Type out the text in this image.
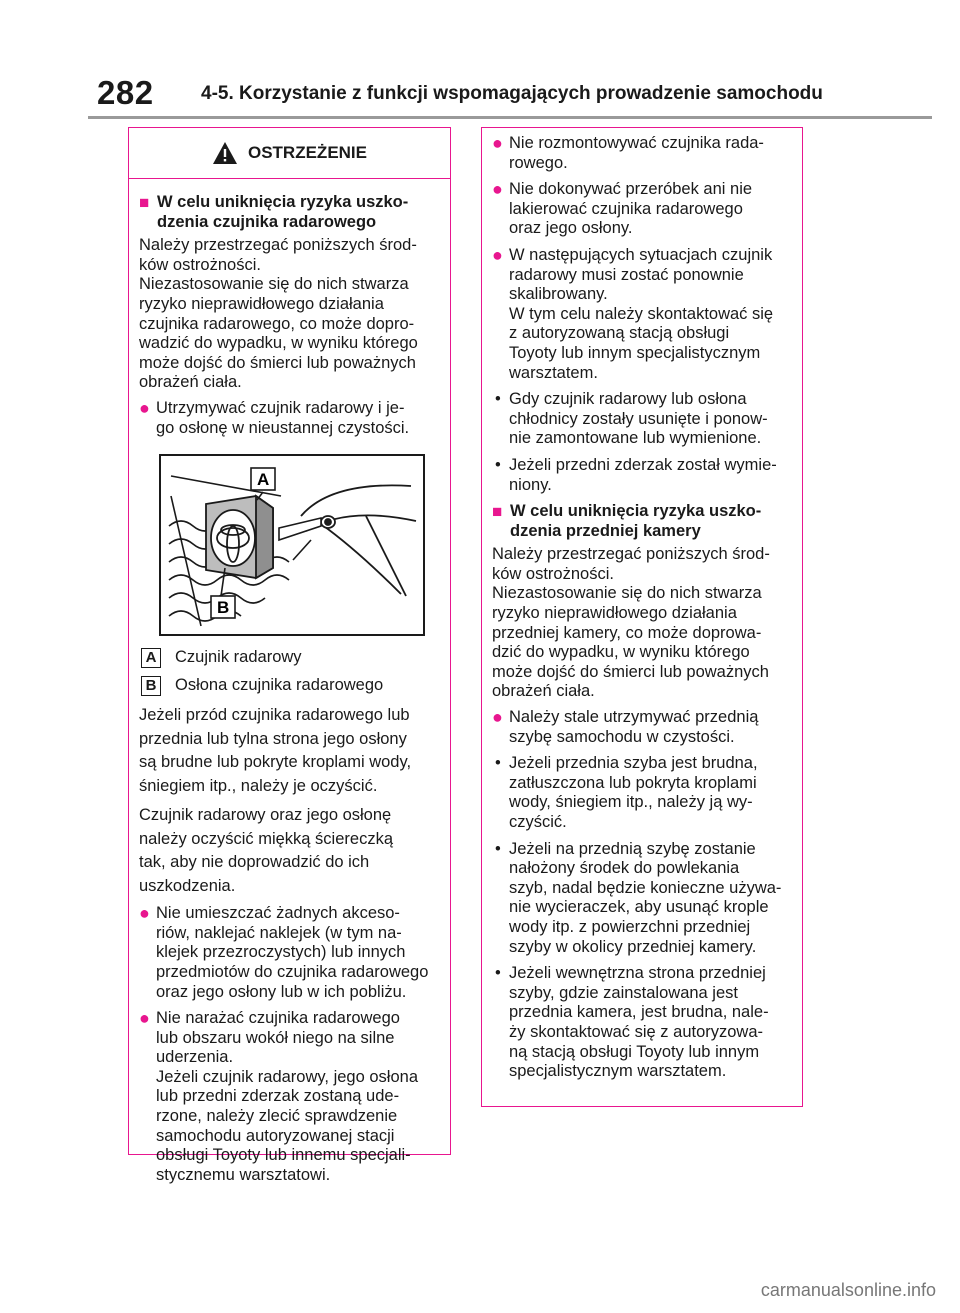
282 4-5. Korzystanie z funkcji wspomagających prowadzenie samochodu
OSTRZEŻENIE
■ W celu uniknięcia ryzyka uszko-
dzenia czujnika radarowego
Należy przestrzegać poniższych środ-
ków ostrożności.
Niezastosowanie się do nich stwarza
ryzyko nieprawidłowego działania
czujnika radarowego, co może dopro-
wadzić do wypadku, w wyniku którego
może dojść do śmierci lub poważnych
obrażeń ciała.
● Utrzymywać czujnik radarowy i je-
go osłonę w nieustannej czystości.
A
B
A Czujnik radarowy
B Osłona czujnika radarowego
Jeżeli przód czujnika radarowego lub
przednia lub tylna strona jego osłony
są brudne lub pokryte kroplami wody,
śniegiem itp., należy je oczyścić.
Czujnik radarowy oraz jego osłonę
należy oczyścić miękką ściereczką
tak, aby nie doprowadzić do ich
uszkodzenia.
● Nie umieszczać żadnych akceso-
riów, naklejać naklejek (w tym na-
klejek przezroczystych) lub innych
przedmiotów do czujnika radarowego
oraz jego osłony lub w ich pobliżu.
● Nie narażać czujnika radarowego
lub obszaru wokół niego na silne
uderzenia.
Jeżeli czujnik radarowy, jego osłona
lub przedni zderzak zostaną ude-
rzone, należy zlecić sprawdzenie
samochodu autoryzowanej stacji
obsługi Toyoty lub innemu specjali-
stycznemu warsztatowi.
● Nie rozmontowywać czujnika rada-
rowego.
● Nie dokonywać przeróbek ani nie
lakierować czujnika radarowego
oraz jego osłony.
● W następujących sytuacjach czujnik
radarowy musi zostać ponownie
skalibrowany.
W tym celu należy skontaktować się
z autoryzowaną stacją obsługi
Toyoty lub innym specjalistycznym
warsztatem.
• Gdy czujnik radarowy lub osłona
chłodnicy zostały usunięte i ponow-
nie zamontowane lub wymienione.
• Jeżeli przedni zderzak został wymie-
niony.
■ W celu uniknięcia ryzyka uszko-
dzenia przedniej kamery
Należy przestrzegać poniższych środ-
ków ostrożności.
Niezastosowanie się do nich stwarza
ryzyko nieprawidłowego działania
przedniej kamery, co może doprowa-
dzić do wypadku, w wyniku którego
może dojść do śmierci lub poważnych
obrażeń ciała.
● Należy stale utrzymywać przednią
szybę samochodu w czystości.
• Jeżeli przednia szyba jest brudna,
zatłuszczona lub pokryta kroplami
wody, śniegiem itp., należy ją wy-
czyścić.
• Jeżeli na przednią szybę zostanie
nałożony środek do powlekania
szyb, nadal będzie konieczne używa-
nie wycieraczek, aby usunąć krople
wody itp. z powierzchni przedniej
szyby w okolicy przedniej kamery.
• Jeżeli wewnętrzna strona przedniej
szyby, gdzie zainstalowana jest
przednia kamera, jest brudna, nale-
ży skontaktować się z autoryzowa-
ną stacją obsługi Toyoty lub innym
specjalistycznym warsztatem.
carmanualsonline.info
